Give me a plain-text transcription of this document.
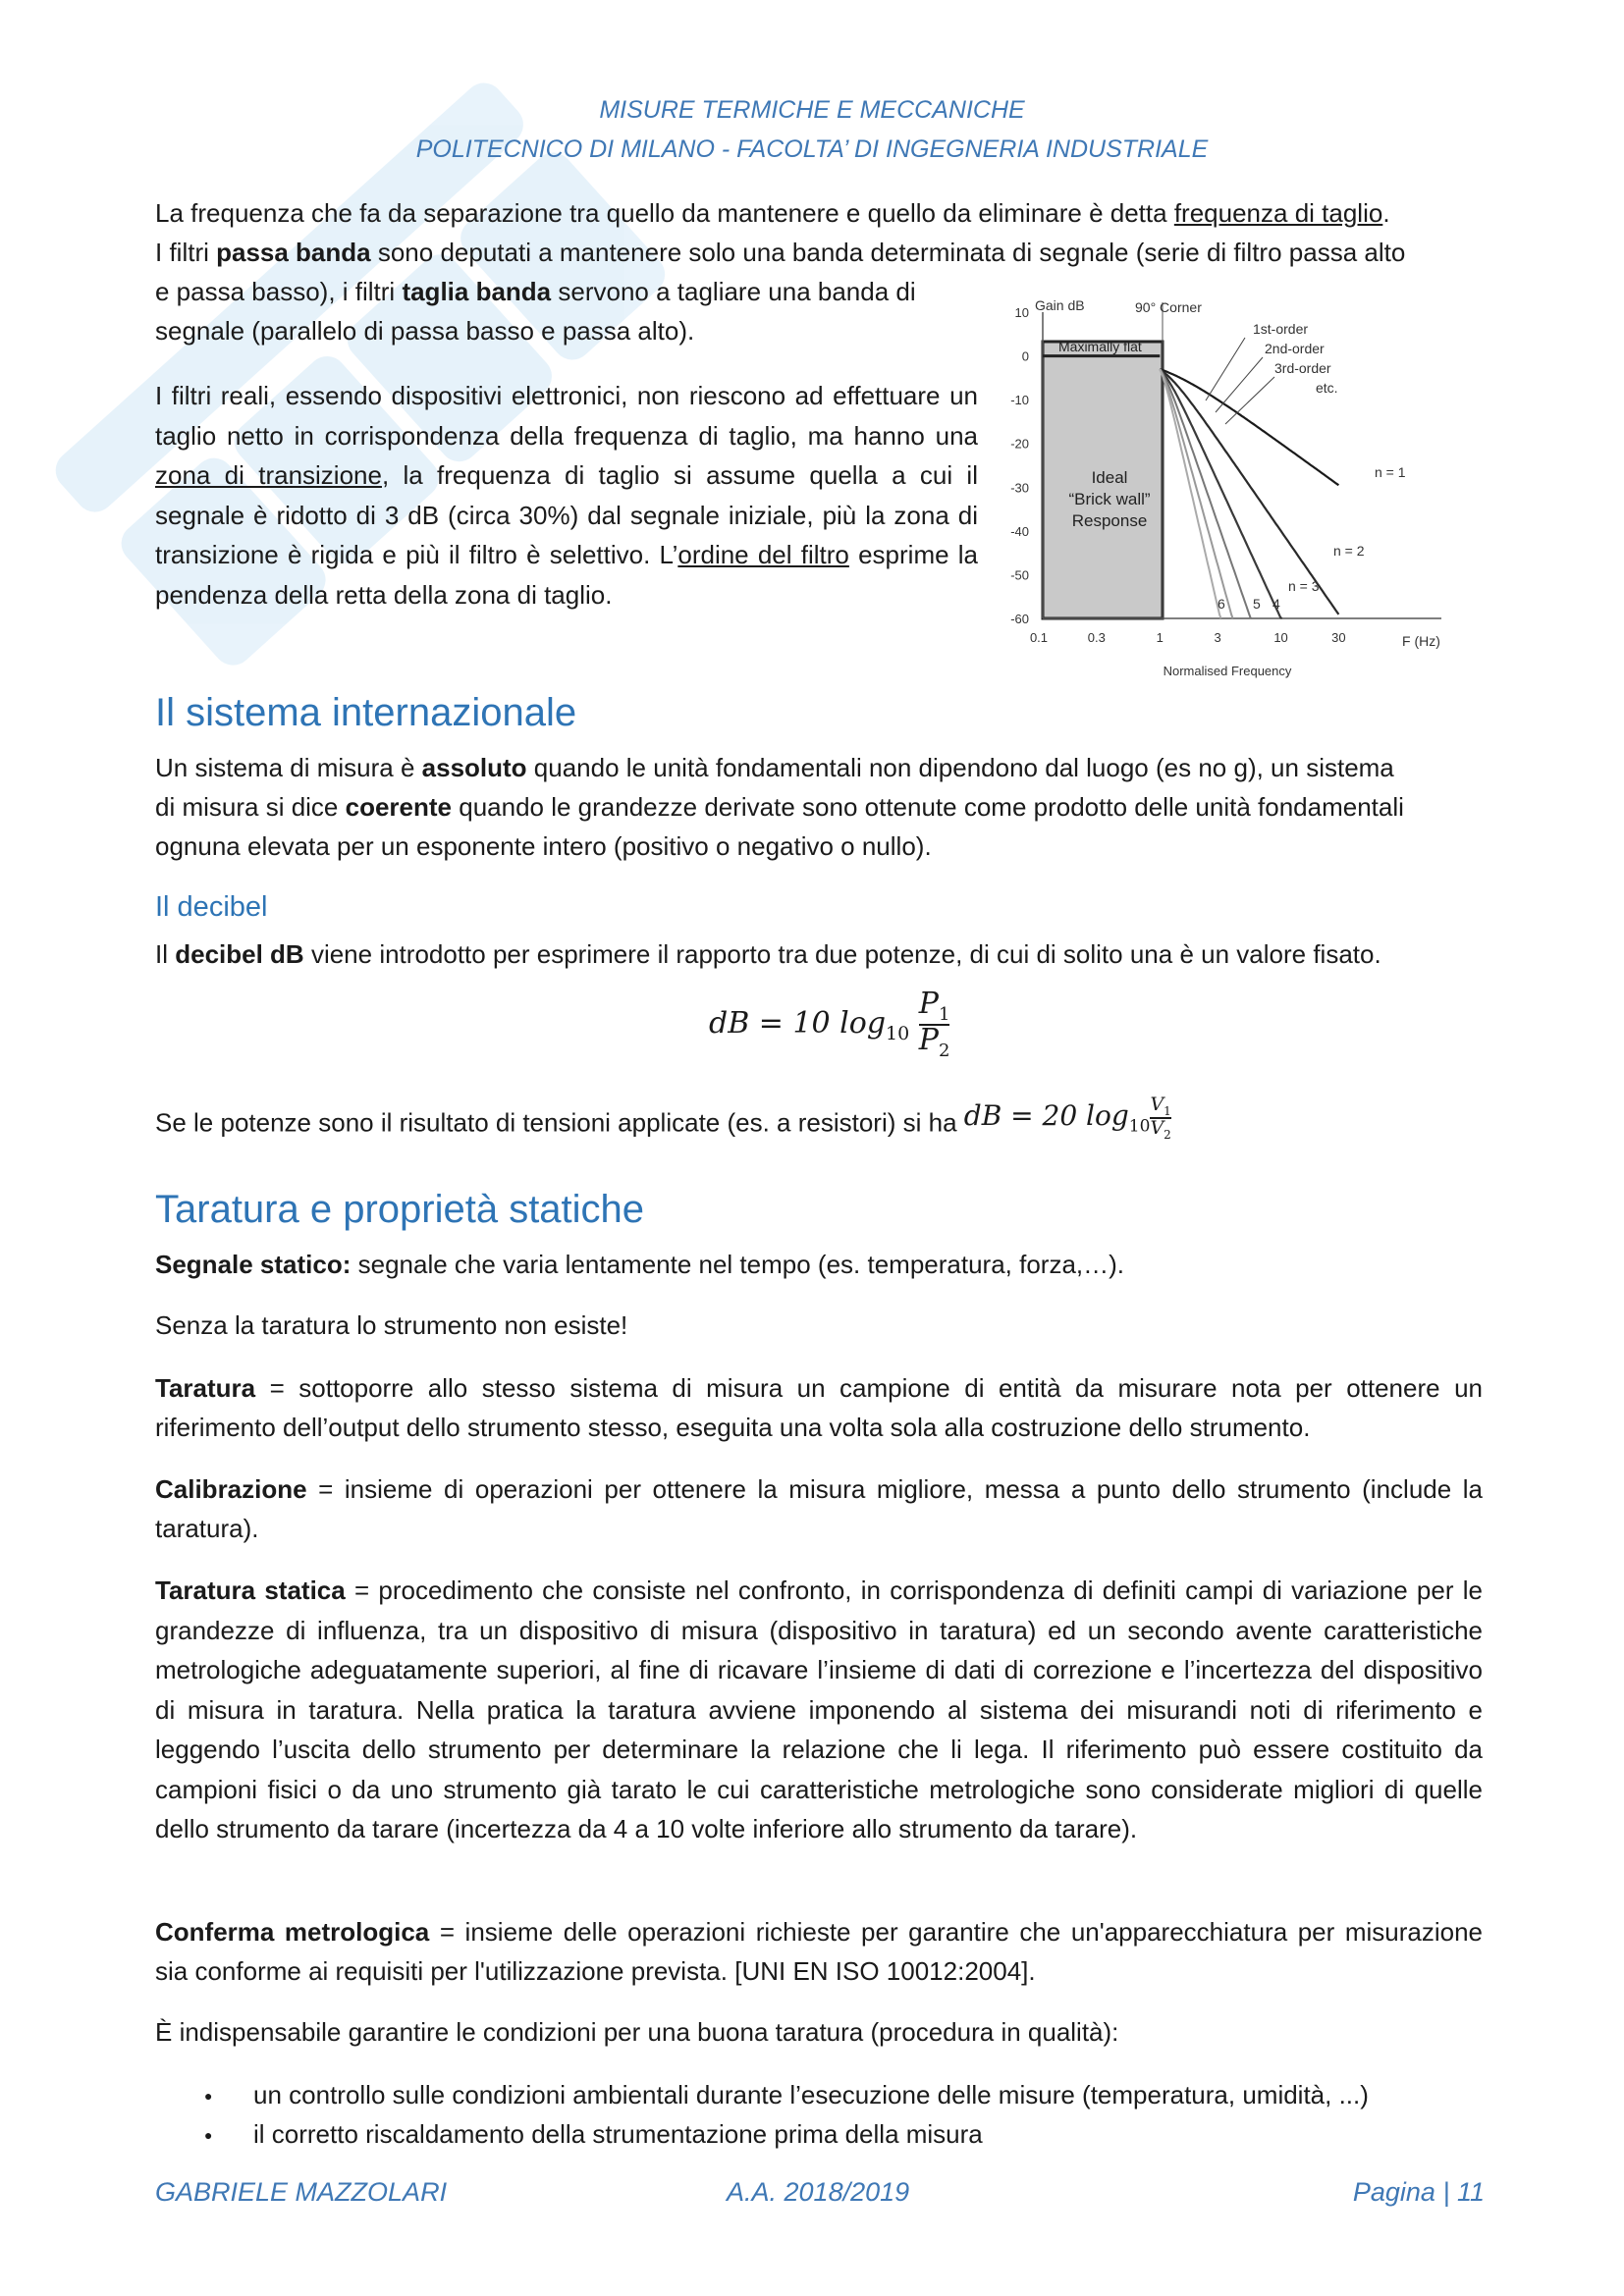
MISURE TERMICHE E MECCANICHE
POLITECNICO DI MILANO - FACOLTA’ DI INGEGNERIA INDUSTRIALE
La frequenza che fa da separazione tra quello da mantenere e quello da eliminare è detta frequenza di taglio.
I filtri passa banda sono deputati a mantenere solo una banda determinata di segnale (serie di filtro passa alto
e passa basso), i filtri taglia banda servono a tagliare una banda di
segnale (parallelo di passa basso e passa alto).
I filtri reali, essendo dispositivi elettronici, non riescono ad effettuare un taglio netto in corrispondenza della frequenza di taglio, ma hanno una zona di transizione, la frequenza di taglio si assume quella a cui il segnale è ridotto di 3 dB (circa 30%) dal segnale iniziale, più la zona di transizione è rigida e più il filtro è selettivo. L’ordine del filtro esprime la pendenza della retta della zona di taglio.
Gain dB
Ideal
“Brick wall”
Response
10
0
-10
-20
-30
-40
-50
-60
0.1	0.3	1	3	10	30
90° Corner
Maximally flat
1st-order
2nd-order
3rd-order
etc.
n = 1
n = 2
n = 3
4
5
6
F (Hz)
Normalised Frequency
Il sistema internazionale
Un sistema di misura è assoluto quando le unità fondamentali non dipendono dal luogo (es no g), un sistema
di misura si dice coerente quando le grandezze derivate sono ottenute come prodotto delle unità fondamentali
ognuna elevata per un esponente intero (positivo o negativo o nullo).
Il decibel
Il decibel dB viene introdotto per esprimere il rapporto tra due potenze, di cui di solito una è un valore fisato.
dB = 10 $\log_{10} \frac{P_1}{P_2}$
Se le potenze sono il risultato di tensioni applicate (es. a resistori) si ha dB = 20 $\log_{10} \frac{V_1}{V_2}$
Taratura e proprietà statiche
Segnale statico: segnale che varia lentamente nel tempo (es. temperatura, forza,…).
Senza la taratura lo strumento non esiste!
Taratura = sottoporre allo stesso sistema di misura un campione di entità da misurare nota per ottenere un riferimento dell’output dello strumento stesso, eseguita una volta sola alla costruzione dello strumento.
Calibrazione = insieme di operazioni per ottenere la misura migliore, messa a punto dello strumento (include la taratura).
Taratura statica = procedimento che consiste nel confronto, in corrispondenza di definiti campi di variazione per le grandezze di influenza, tra un dispositivo di misura (dispositivo in taratura) ed un secondo avente caratteristiche metrologiche adeguatamente superiori, al fine di ricavare l’insieme di dati di correzione e l’incertezza del dispositivo di misura in taratura. Nella pratica la taratura avviene imponendo al sistema dei misurandi noti di riferimento e leggendo l’uscita dello strumento per determinare la relazione che li lega. Il riferimento può essere costituito da campioni fisici o da uno strumento già tarato le cui caratteristiche metrologiche sono considerate migliori di quelle dello strumento da tarare (incertezza da 4 a 10 volte inferiore allo strumento da tarare).
Conferma metrologica = insieme delle operazioni richieste per garantire che un'apparecchiatura per misurazione sia conforme ai requisiti per l'utilizzazione prevista. [UNI EN ISO 10012:2004].
È indispensabile garantire le condizioni per una buona taratura (procedura in qualità):
● un controllo sulle condizioni ambientali durante l’esecuzione delle misure (temperatura, umidità, ...)
● il corretto riscaldamento della strumentazione prima della misura
GABRIELE MAZZOLARI	A.A. 2018/2019	Pagina | 11
